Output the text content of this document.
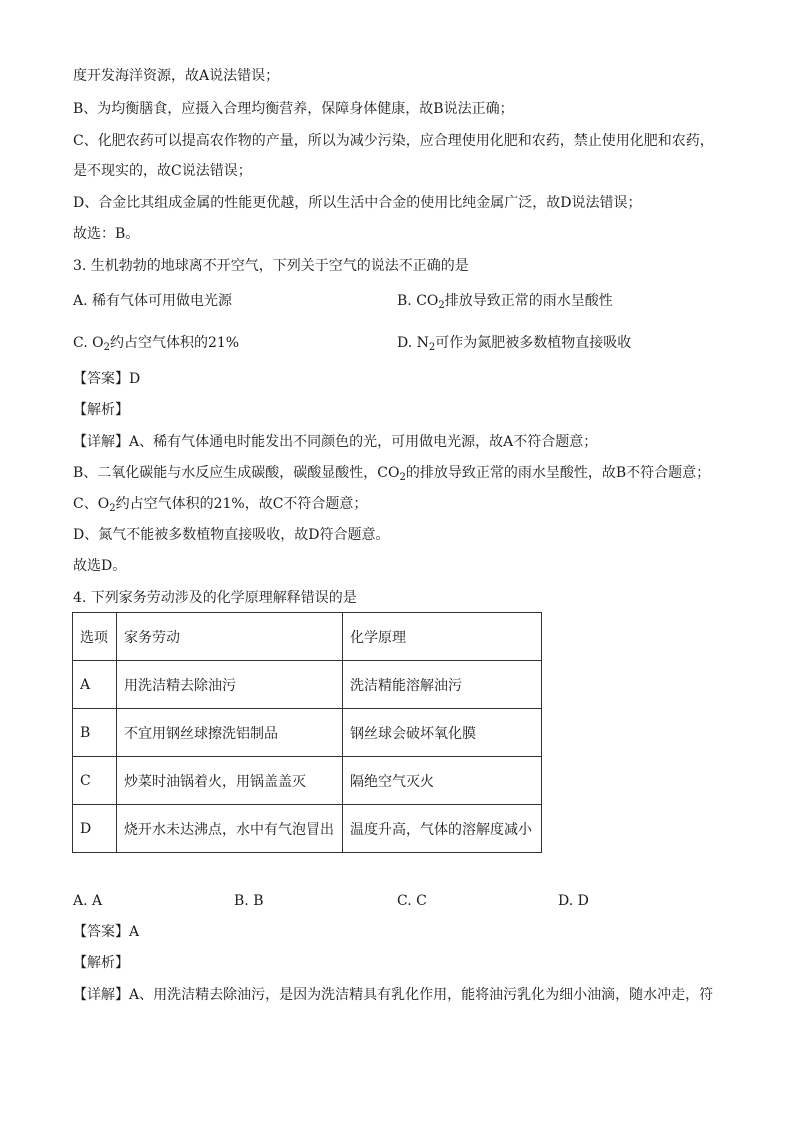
度开发海洋资源，故A说法错误；
B、为均衡膳食，应摄入合理均衡营养，保障身体健康，故B说法正确；
C、化肥农药可以提高农作物的产量，所以为减少污染，应合理使用化肥和农药，禁止使用化肥和农药，
是不现实的，故C说法错误；
D、合金比其组成金属的性能更优越，所以生活中合金的使用比纯金属广泛，故D说法错误；
故选：B。
3. 生机勃勃的地球离不开空气，下列关于空气的说法不正确的是
A. 稀有气体可用做电光源	B. $CO_2$排放导致正常的雨水呈酸性
C. $O_2$约占空气体积的21%	D. $N_2$可作为氮肥被多数植物直接吸收
【答案】D
【解析】
【详解】A、稀有气体通电时能发出不同颜色的光，可用做电光源，故A不符合题意；
B、二氧化碳能与水反应生成碳酸，碳酸显酸性，$CO_2$的排放导致正常的雨水呈酸性，故B不符合题意；
C、$O_2$约占空气体积的21%，故C不符合题意；
D、氮气不能被多数植物直接吸收，故D符合题意。
故选D。
4. 下列家务劳动涉及的化学原理解释错误的是
选项	家务劳动	化学原理
A	用洗洁精去除油污	洗洁精能溶解油污
B	不宜用钢丝球擦洗铝制品	钢丝球会破坏氧化膜
C	炒菜时油锅着火，用锅盖盖灭	隔绝空气灭火
D	烧开水未达沸点，水中有气泡冒出	温度升高，气体的溶解度减小
A. A	B. B	C. C	D. D
【答案】A
【解析】
【详解】A、用洗洁精去除油污，是因为洗洁精具有乳化作用，能将油污乳化为细小油滴，随水冲走，符
